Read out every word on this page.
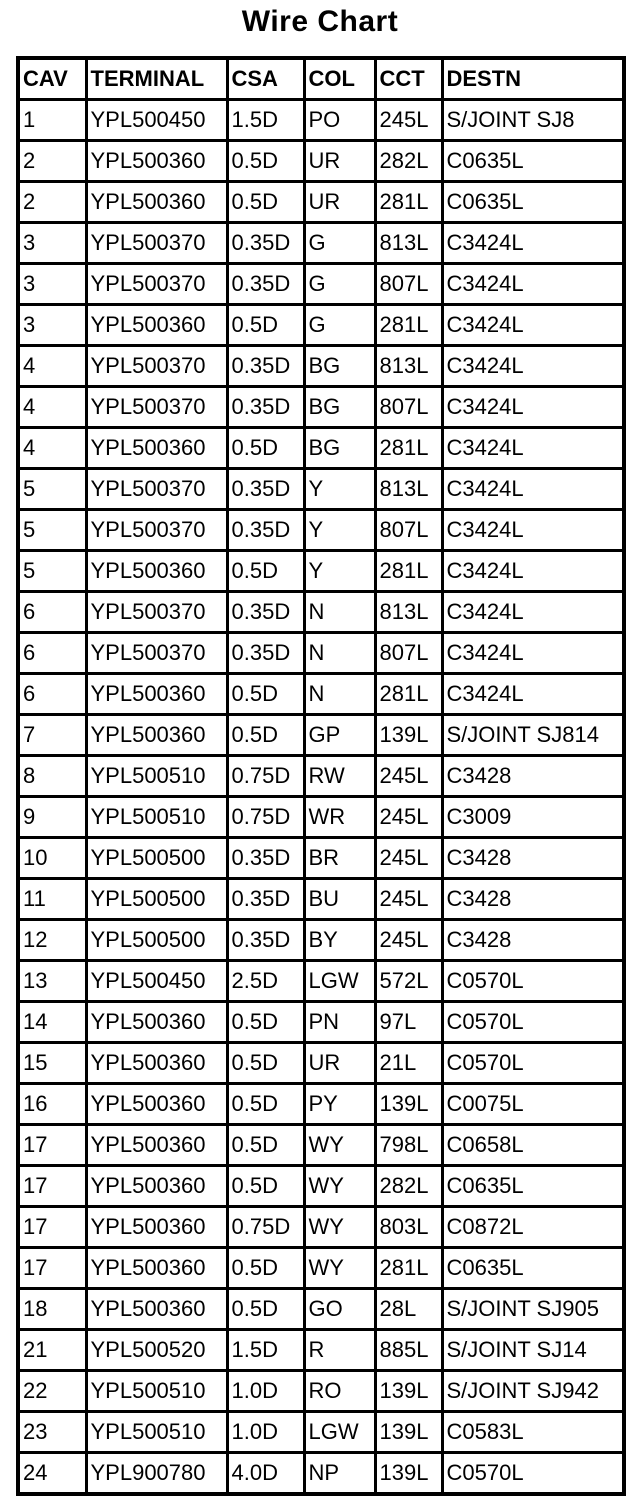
Wire Chart
CAV	TERMINAL	CSA	COL	CCT	DESTN
1	YPL500450	1.5D	PO	245L	S/JOINT SJ8
2	YPL500360	0.5D	UR	282L	C0635L
2	YPL500360	0.5D	UR	281L	C0635L
3	YPL500370	0.35D	G	813L	C3424L
3	YPL500370	0.35D	G	807L	C3424L
3	YPL500360	0.5D	G	281L	C3424L
4	YPL500370	0.35D	BG	813L	C3424L
4	YPL500370	0.35D	BG	807L	C3424L
4	YPL500360	0.5D	BG	281L	C3424L
5	YPL500370	0.35D	Y	813L	C3424L
5	YPL500370	0.35D	Y	807L	C3424L
5	YPL500360	0.5D	Y	281L	C3424L
6	YPL500370	0.35D	N	813L	C3424L
6	YPL500370	0.35D	N	807L	C3424L
6	YPL500360	0.5D	N	281L	C3424L
7	YPL500360	0.5D	GP	139L	S/JOINT SJ814
8	YPL500510	0.75D	RW	245L	C3428
9	YPL500510	0.75D	WR	245L	C3009
10	YPL500500	0.35D	BR	245L	C3428
11	YPL500500	0.35D	BU	245L	C3428
12	YPL500500	0.35D	BY	245L	C3428
13	YPL500450	2.5D	LGW	572L	C0570L
14	YPL500360	0.5D	PN	97L	C0570L
15	YPL500360	0.5D	UR	21L	C0570L
16	YPL500360	0.5D	PY	139L	C0075L
17	YPL500360	0.5D	WY	798L	C0658L
17	YPL500360	0.5D	WY	282L	C0635L
17	YPL500360	0.75D	WY	803L	C0872L
17	YPL500360	0.5D	WY	281L	C0635L
18	YPL500360	0.5D	GO	28L	S/JOINT SJ905
21	YPL500520	1.5D	R	885L	S/JOINT SJ14
22	YPL500510	1.0D	RO	139L	S/JOINT SJ942
23	YPL500510	1.0D	LGW	139L	C0583L
24	YPL900780	4.0D	NP	139L	C0570L
